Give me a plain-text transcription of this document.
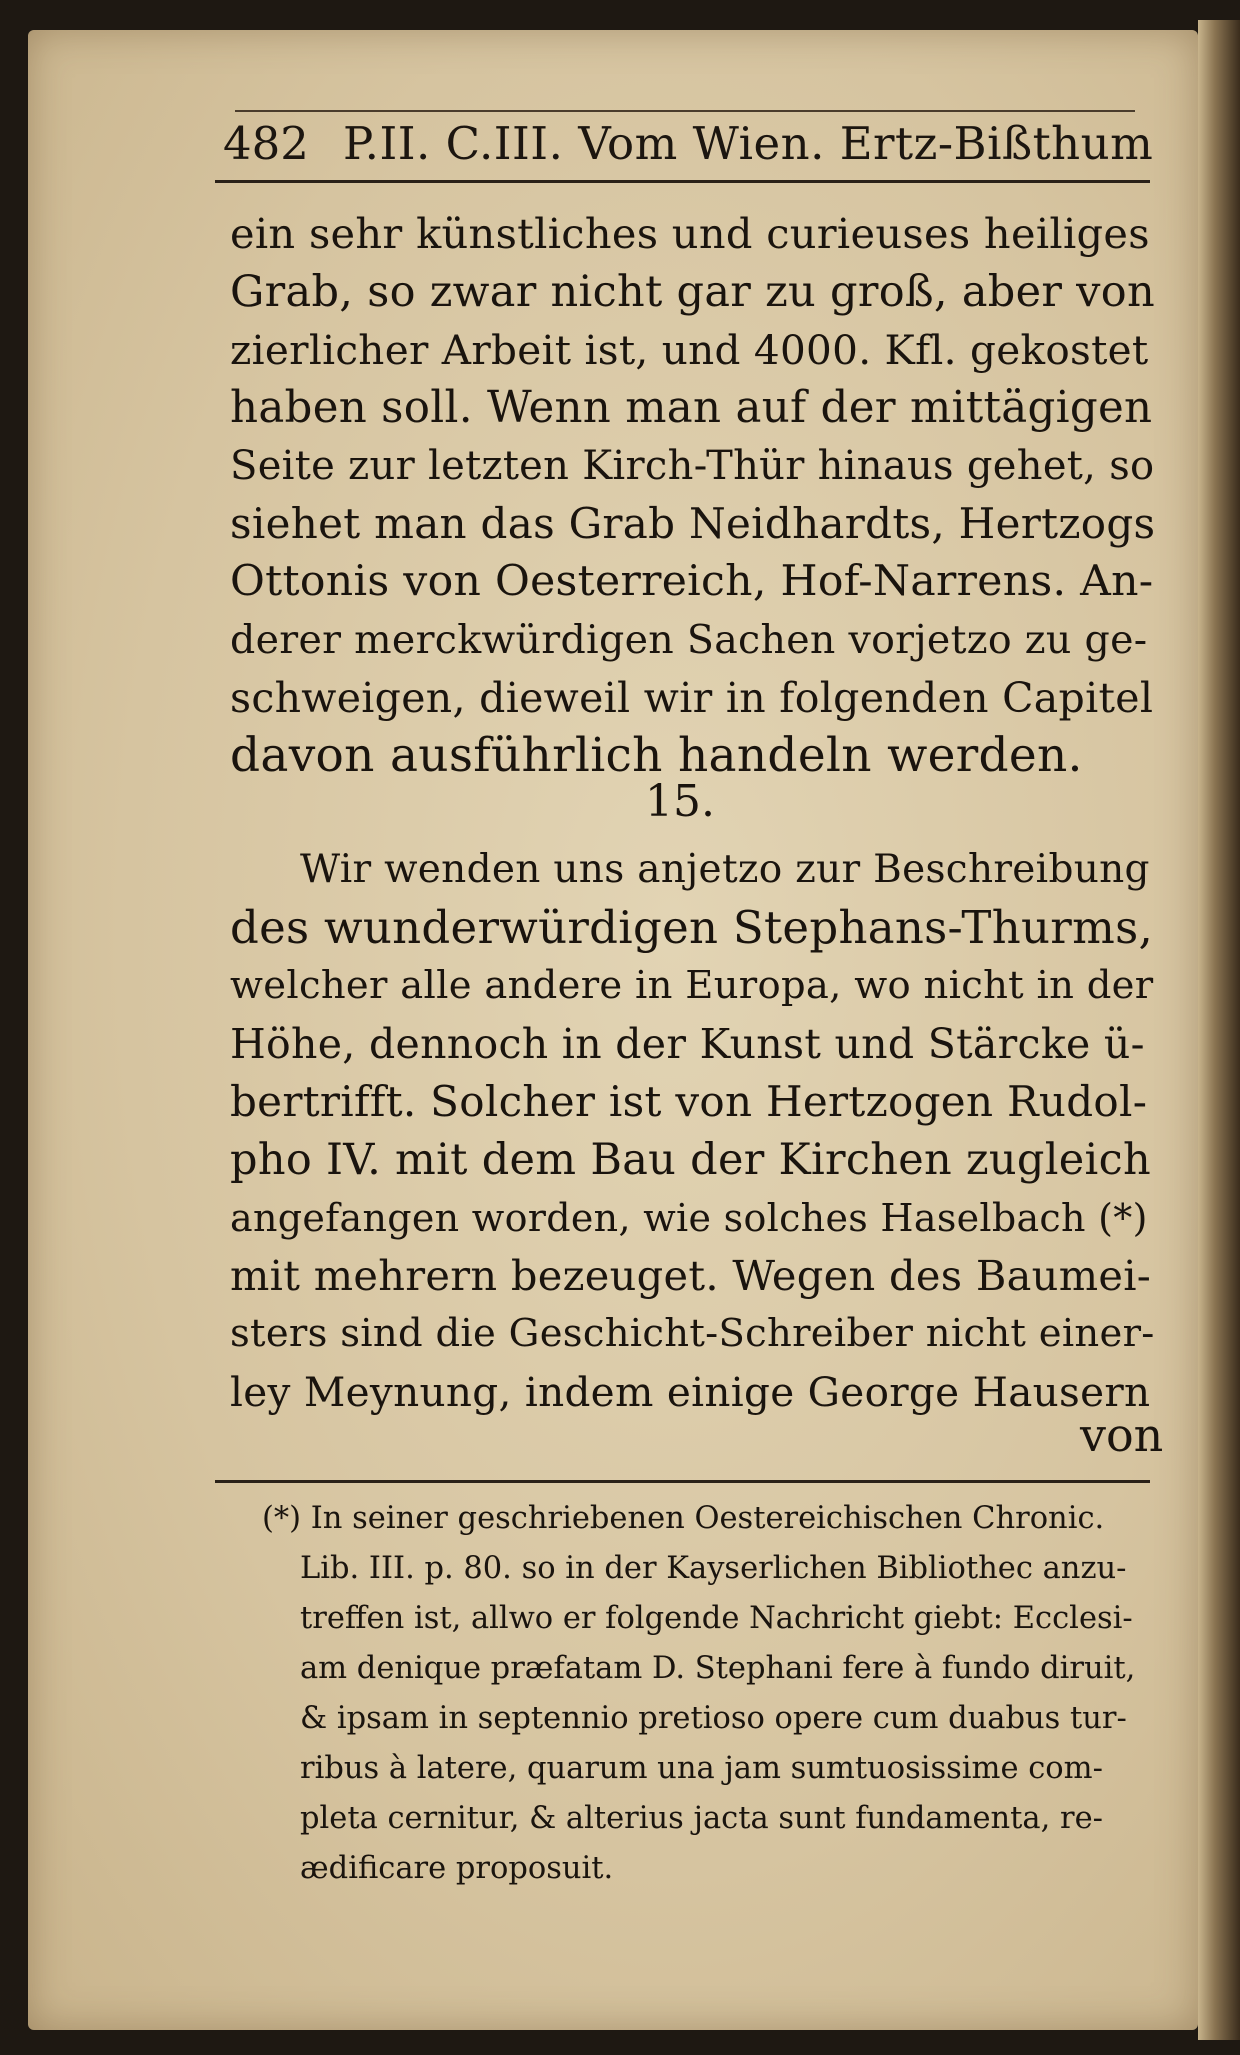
482 P.II. C.III. Vom Wien. Ertz-Bißthum
ein sehr künstliches und curieuses heiliges
Grab, so zwar nicht gar zu groß, aber von
zierlicher Arbeit ist, und 4000. Kfl. gekostet
haben soll. Wenn man auf der mittägigen
Seite zur letzten Kirch-Thür hinaus gehet, so
siehet man das Grab Neidhardts, Hertzogs
Ottonis von Oesterreich, Hof-Narrens. An-
derer merckwürdigen Sachen vorjetzo zu ge-
schweigen, dieweil wir in folgenden Capitel
davon ausführlich handeln werden.
15.
Wir wenden uns anjetzo zur Beschreibung
des wunderwürdigen Stephans-Thurms,
welcher alle andere in Europa, wo nicht in der
Höhe, dennoch in der Kunst und Stärcke ü-
bertrifft. Solcher ist von Hertzogen Rudol-
pho IV. mit dem Bau der Kirchen zugleich
angefangen worden, wie solches Haselbach (*)
mit mehrern bezeuget. Wegen des Baumei-
sters sind die Geschicht-Schreiber nicht einer-
ley Meynung, indem einige George Hausern
von
(*) In seiner geschriebenen Oestereichischen Chronic.
Lib. III. p. 80. so in der Kayserlichen Bibliothec anzu-
treffen ist, allwo er folgende Nachricht giebt: Ecclesi-
am denique præfatam D. Stephani fere à fundo diruit,
& ipsam in septennio pretioso opere cum duabus tur-
ribus à latere, quarum una jam sumtuosissime com-
pleta cernitur, & alterius jacta sunt fundamenta, re-
ædificare proposuit.
